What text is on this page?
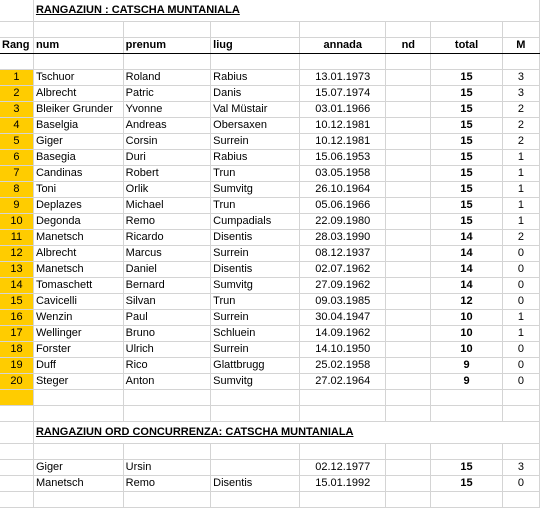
	RANGAZIUN : CATSCHA MUNTANIALA						

Rang	num	prenum	liug	annada	nd	total	M

1	Tschuor	Roland	Rabius	13.01.1973		15	3
2	Albrecht	Patric	Danis	15.07.1974		15	3
3	Bleiker Grunder	Yvonne	Val Müstair	03.01.1966		15	2
4	Baselgia	Andreas	Obersaxen	10.12.1981		15	2
5	Giger	Corsin	Surrein	10.12.1981		15	2
6	Basegia	Duri	Rabius	15.06.1953		15	1
7	Candinas	Robert	Trun	03.05.1958		15	1
8	Toni	Orlik	Sumvitg	26.10.1964		15	1
9	Deplazes	Michael	Trun	05.06.1966		15	1
10	Degonda	Remo	Cumpadials	22.09.1980		15	1
11	Manetsch	Ricardo	Disentis	28.03.1990		14	2
12	Albrecht	Marcus	Surrein	08.12.1937		14	0
13	Manetsch	Daniel	Disentis	02.07.1962		14	0
14	Tomaschett	Bernard	Sumvitg	27.09.1962		14	0
15	Cavicelli	Silvan	Trun	09.03.1985		12	0
16	Wenzin	Paul	Surrein	30.04.1947		10	1
17	Wellinger	Bruno	Schluein	14.09.1962		10	1
18	Forster	Ulrich	Surrein	14.10.1950		10	0
19	Duff	Rico	Glattbrugg	25.02.1958		9	0
20	Steger	Anton	Sumvitg	27.02.1964		9	0

	RANGAZIUN ORD CONCURRENZA: CATSCHA MUNTANIALA						

	Giger	Ursin		02.12.1977		15	3
	Manetsch	Remo	Disentis	15.01.1992		15	0
